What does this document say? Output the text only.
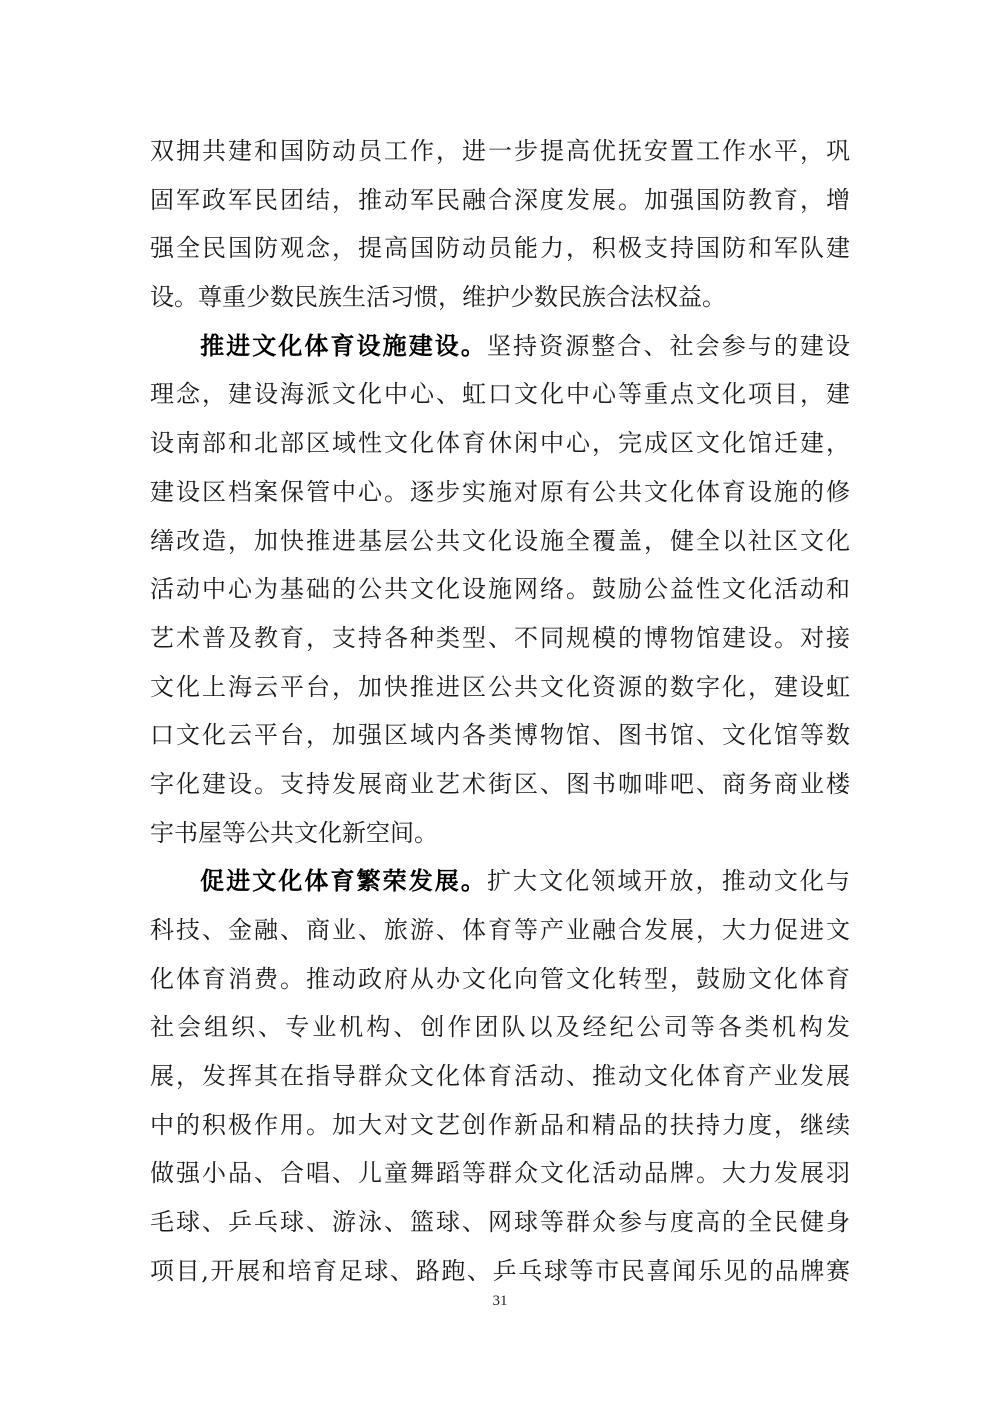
双拥共建和国防动员工作，进一步提高优抚安置工作水平，巩
固军政军民团结，推动军民融合深度发展。加强国防教育，增
强全民国防观念，提高国防动员能力，积极支持国防和军队建
设。尊重少数民族生活习惯，维护少数民族合法权益。
推进文化体育设施建设。坚持资源整合、社会参与的建设
理念，建设海派文化中心、虹口文化中心等重点文化项目，建
设南部和北部区域性文化体育休闲中心，完成区文化馆迁建，
建设区档案保管中心。逐步实施对原有公共文化体育设施的修
缮改造，加快推进基层公共文化设施全覆盖，健全以社区文化
活动中心为基础的公共文化设施网络。鼓励公益性文化活动和
艺术普及教育，支持各种类型、不同规模的博物馆建设。对接
文化上海云平台，加快推进区公共文化资源的数字化，建设虹
口文化云平台，加强区域内各类博物馆、图书馆、文化馆等数
字化建设。支持发展商业艺术街区、图书咖啡吧、商务商业楼
宇书屋等公共文化新空间。
促进文化体育繁荣发展。扩大文化领域开放，推动文化与
科技、金融、商业、旅游、体育等产业融合发展，大力促进文
化体育消费。推动政府从办文化向管文化转型，鼓励文化体育
社会组织、专业机构、创作团队以及经纪公司等各类机构发
展，发挥其在指导群众文化体育活动、推动文化体育产业发展
中的积极作用。加大对文艺创作新品和精品的扶持力度，继续
做强小品、合唱、儿童舞蹈等群众文化活动品牌。大力发展羽
毛球、乒乓球、游泳、篮球、网球等群众参与度高的全民健身
项目,开展和培育足球、路跑、乒乓球等市民喜闻乐见的品牌赛
31
